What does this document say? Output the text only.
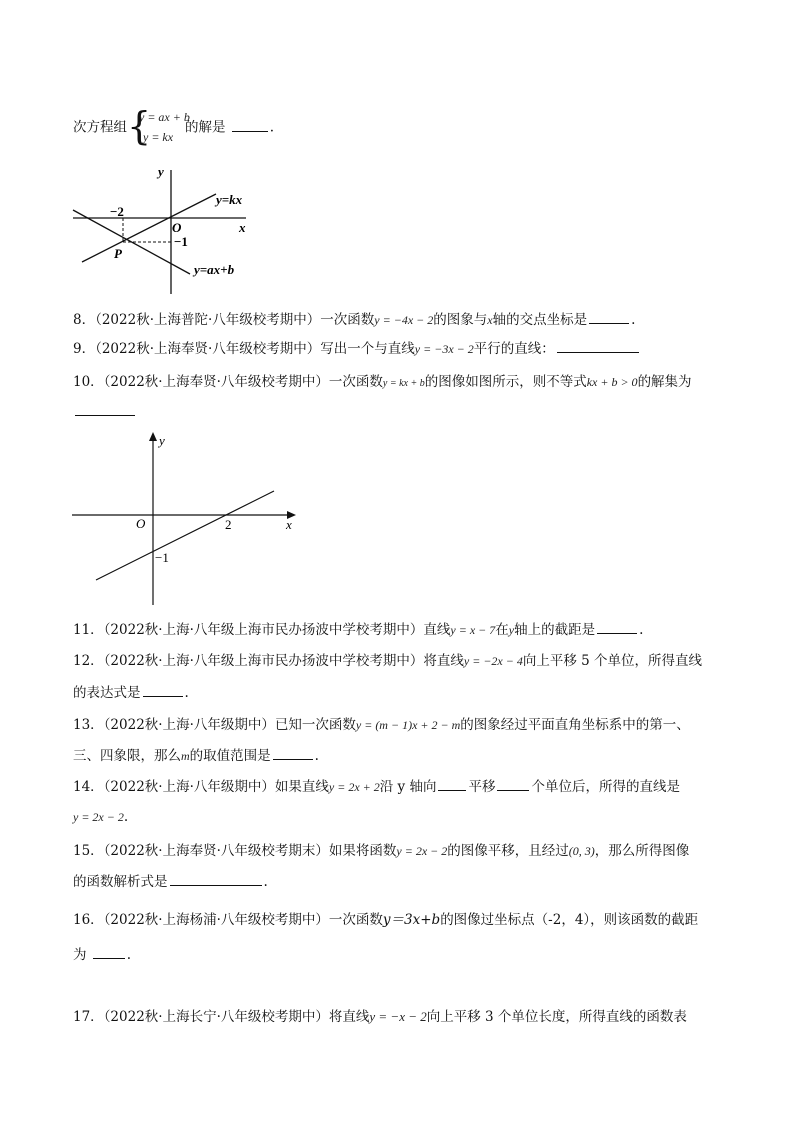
次方程组 {
y = ax + b
y = kx
的解是	.
y
x
O
−2
−1
P
y=kx
y=ax+b
8．（2022秋·上海普陀·八年级校考期中）一次函数y = −4x − 2的图象与x轴的交点坐标是	.
9．（2022秋·上海奉贤·八年级校考期中）写出一个与直线y = −3x − 2平行的直线：
10．（2022秋·上海奉贤·八年级校考期中）一次函数y = kx + b的图像如图所示，则不等式kx + b > 0的解集为
y
x
O	2
−1
11．（2022秋·上海·八年级上海市民办扬波中学校考期中）直线y = x − 7在y轴上的截距是	.
12．（2022秋·上海·八年级上海市民办扬波中学校考期中）将直线y = −2x − 4向上平移 5 个单位，所得直线
的表达式是	.
13．（2022秋·上海·八年级期中）已知一次函数y = (m − 1)x + 2 − m的图象经过平面直角坐标系中的第一、
三、四象限，那么m的取值范围是	.
14．（2022秋·上海·八年级期中）如果直线y = 2x + 2沿 y 轴向 平移	个单位后，所得的直线是
y = 2x − 2.
15．（2022秋·上海奉贤·八年级校考期末）如果将函数y = 2x − 2的图像平移，且经过(0, 3)，那么所得图像
的函数解析式是	.
16．（2022秋·上海杨浦·八年级校考期中）一次函数y＝3x+b的图像过坐标点（-2，4），则该函数的截距
为	.
17．（2022秋·上海长宁·八年级校考期中）将直线y = −x − 2向上平移 3 个单位长度，所得直线的函数表
